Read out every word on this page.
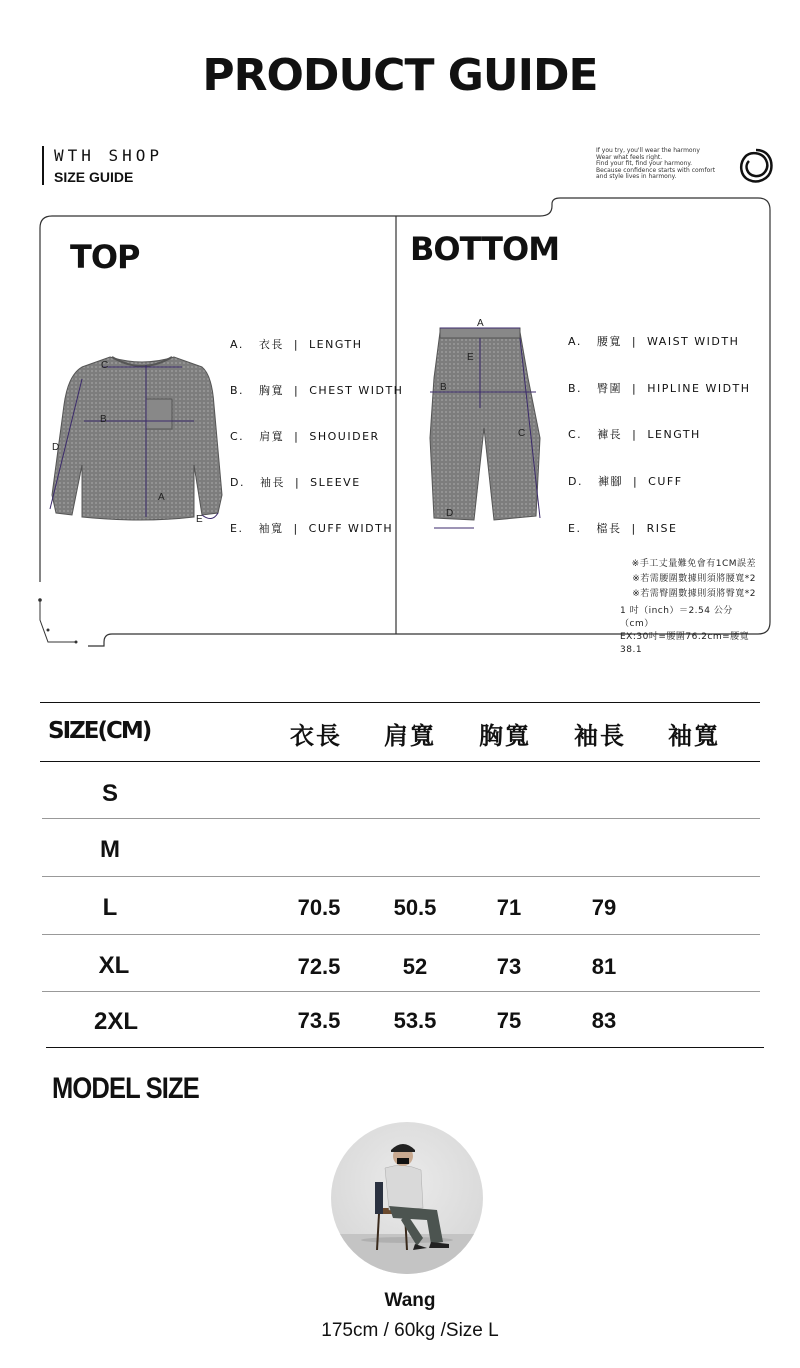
PRODUCT GUIDE
WTH SHOP
SIZE GUIDE
If you try, you'll wear the harmony
Wear what feels right.
Find your fit, find your harmony.
Because confidence starts with comfort
and style lives in harmony.
TOP
C
B
D
A
E
A. 衣長  |  LENGTH
B. 胸寬  |  CHEST WIDTH
C. 肩寬  |  SHOUIDER
D. 袖長  |  SLEEVE
E. 袖寬  |  CUFF WIDTH
BOTTOM
A
E
B
C
D
A. 腰寬  |  WAIST WIDTH
B. 臀圍  |  HIPLINE WIDTH
C. 褲長  |  LENGTH
D. 褲腳  |  CUFF
E. 檔長  |  RISE
※手工丈量難免會有1CM誤差
※若需腰圍數據則須將腰寬*2
※若需臀圍數據則須將臀寬*2
1 吋（inch）＝2.54 公分（cm）
EX:30吋=腰圍76.2cm=腰寬38.1
SIZE(CM)	衣長 肩寬 胸寬 袖長 袖寬
S
M
L	70.5	50.5	71	79
XL	72.5	52	73	81
2XL	73.5	53.5	75	83
MODEL SIZE
Wang
175cm / 60kg /Size L
